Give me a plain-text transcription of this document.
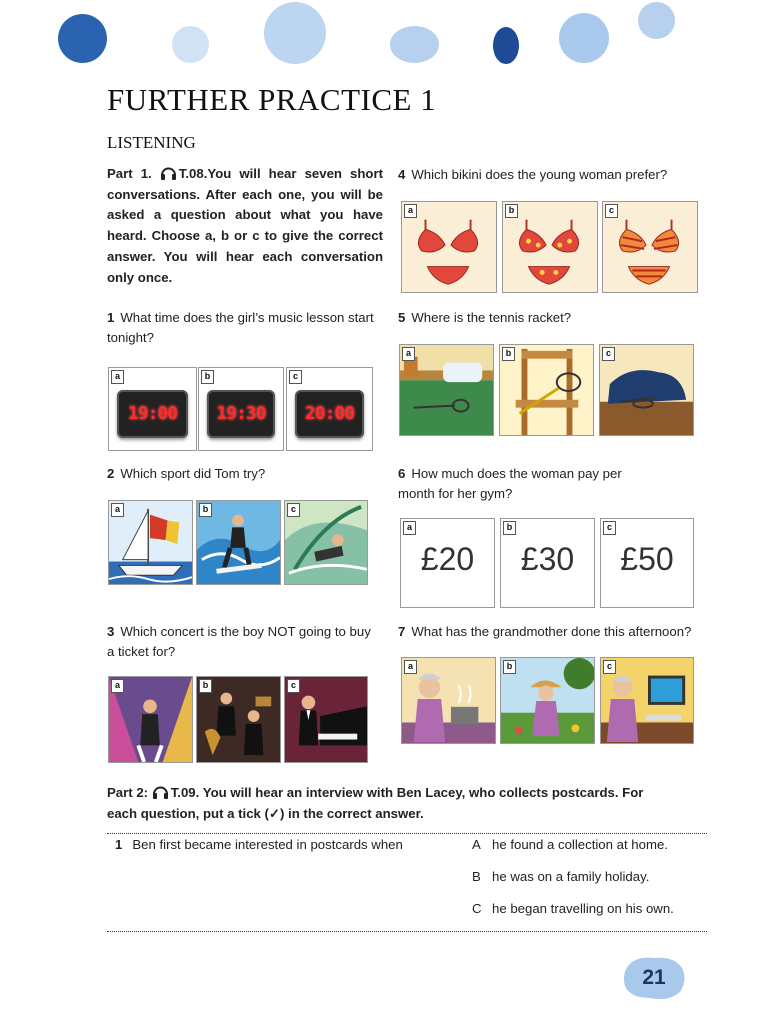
FURTHER PRACTICE 1
LISTENING
Part 1. T.08.You will hear seven short conversations. After each one, you will be asked a question about what you have heard. Choose a, b or c to give the correct answer. You will hear each conversation only once.
1 What time does the girl’s music lesson start tonight?
a
19:00
b
19:30
c
20:00
2 Which sport did Tom try?
a	b	c
3 Which concert is the boy NOT going to buy a ticket for?
a	b	c
4 Which bikini does the young woman prefer?
a	b	c
5 Where is the tennis racket?
a	b	c
6 How much does the woman pay per month for her gym?
a
£20
b
£30
c
£50
7 What has the grandmother done this afternoon?
a	b	c
Part 2: T.09. You will hear an interview with Ben Lacey, who collects postcards. For each question, put a tick (✓) in the correct answer.
1 Ben first became interested in postcards when	A he found a collection at home.
B he was on a family holiday.
C he began travelling on his own.
21
